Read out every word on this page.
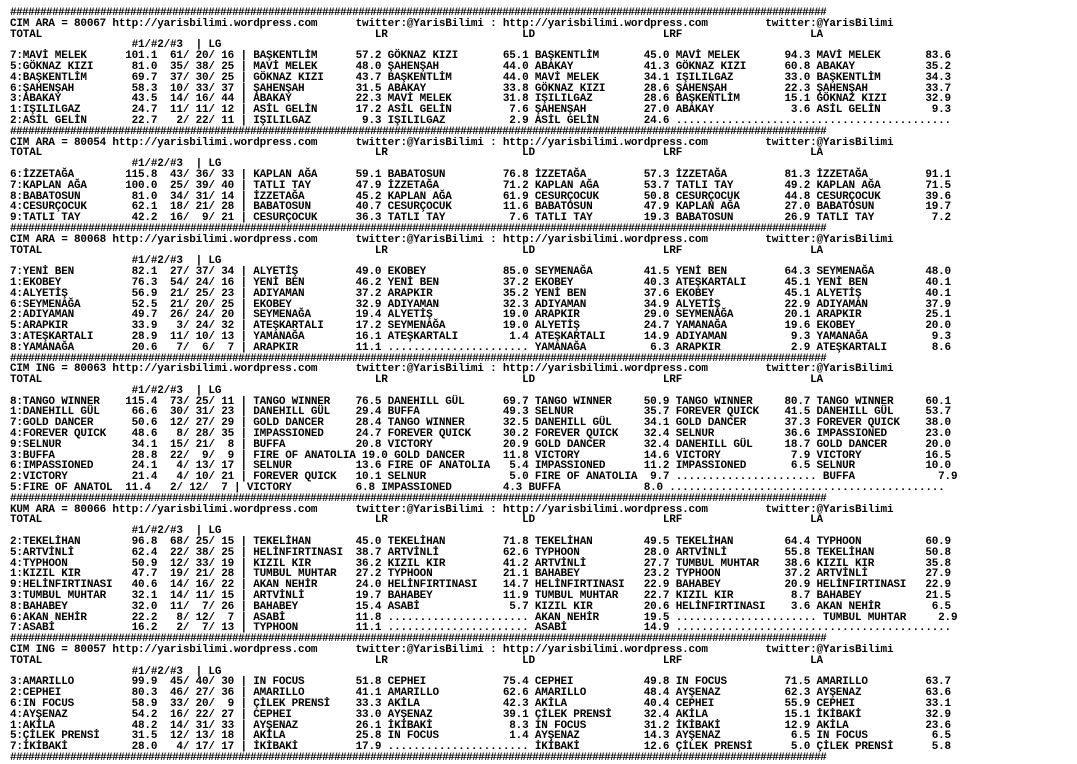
########################################################################################################################################
CIM ARA = 80067 http://yarisbilimi.wordpress.com      twitter:@YarisBilimi : http://yarisbilimi.wordpress.com         twitter:@YarisBilimi
TOTAL                                                    LR                     LD                    LRF                    LA
#1/#2/#3  | LG
7:MAVİ MELEK      101.1  61/ 20/ 16 | BAŞKENTLİM      57.2 GÖKNAZ KIZI       65.1 BAŞKENTLİM       45.0 MAVİ MELEK       94.3 MAVİ MELEK       83.6
5:GÖKNAZ KIZI      81.0  35/ 38/ 25 | MAVİ MELEK      48.0 ŞAHENŞAH          44.0 ABAKAY           41.3 GÖKNAZ KIZI      60.8 ABAKAY           35.2
4:BAŞKENTLİM       69.7  37/ 30/ 25 | GÖKNAZ KIZI     43.7 BAŞKENTLİM        44.0 MAVİ MELEK       34.1 IŞILILGAZ        33.0 BAŞKENTLİM       34.3
6:ŞAHENŞAH         58.3  10/ 33/ 37 | ŞAHENŞAH        31.5 ABAKAY            33.8 GÖKNAZ KIZI      28.6 ŞAHENŞAH         22.3 ŞAHENŞAH         33.7
3:ABAKAY           43.5  14/ 16/ 44 | ABAKAY          22.3 MAVİ MELEK        31.8 IŞILILGAZ        28.6 BAŞKENTLİM       15.1 GÖKNAZ KIZI      32.9
1:IŞILILGAZ        24.7  11/ 11/ 12 | ASİL GELİN      17.2 ASİL GELİN         7.6 ŞAHENŞAH         27.0 ABAKAY            3.6 ASİL GELİN        9.3
2:ASİL GELİN       22.7   2/ 22/ 11 | IŞILILGAZ        9.3 IŞILILGAZ          2.9 ASİL GELİN       24.6 ...........................................
########################################################################################################################################
CIM ARA = 80054 http://yarisbilimi.wordpress.com      twitter:@YarisBilimi : http://yarisbilimi.wordpress.com         twitter:@YarisBilimi
TOTAL                                                    LR                     LD                    LRF                    LA
#1/#2/#3  | LG
6:İZZETAĞA        115.8  43/ 36/ 33 | KAPLAN AĞA      59.1 BABATOSUN         76.8 İZZETAĞA         57.3 İZZETAĞA         81.3 İZZETAĞA         91.1
7:KAPLAN AĞA      100.0  25/ 39/ 40 | TATLI TAY       47.9 İZZETAĞA          71.2 KAPLAN AĞA       53.7 TATLI TAY        49.2 KAPLAN AĞA       71.5
8:BABATOSUN        81.0  34/ 31/ 14 | İZZETAĞA        45.2 KAPLAN AĞA        61.9 CESURÇOCUK       50.8 CESURÇOCUK       44.8 CESURÇOCUK       39.6
4:CESURÇOCUK       62.1  18/ 21/ 28 | BABATOSUN       40.7 CESURÇOCUK        11.6 BABATOSUN        47.9 KAPLAN AĞA       27.0 BABATOSUN        19.7
9:TATLI TAY        42.2  16/  9/ 21 | CESURÇOCUK      36.3 TATLI TAY          7.6 TATLI TAY        19.3 BABATOSUN        26.9 TATLI TAY         7.2
########################################################################################################################################
CIM ARA = 80068 http://yarisbilimi.wordpress.com      twitter:@YarisBilimi : http://yarisbilimi.wordpress.com         twitter:@YarisBilimi
TOTAL                                                    LR                     LD                    LRF                    LA
#1/#2/#3  | LG
7:YENİ BEN         82.1  27/ 37/ 34 | ALYETİŞ         49.0 EKOBEY            85.0 SEYMENAĞA        41.5 YENİ BEN         64.3 SEYMENAĞA        48.0
1:EKOBEY           76.3  54/ 24/ 16 | YENİ BEN        46.2 YENİ BEN          37.2 EKOBEY           40.3 ATEŞKARTALI      45.1 YENİ BEN         40.1
4:ALYETİŞ          56.9  21/ 25/ 23 | ADIYAMAN        37.2 ARAPKIR           35.2 YENİ BEN         37.6 EKOBEY           45.1 ALYETİŞ          40.1
6:SEYMENAĞA        52.5  21/ 20/ 25 | EKOBEY          32.9 ADIYAMAN          32.3 ADIYAMAN         34.9 ALYETİŞ          22.9 ADIYAMAN         37.9
2:ADIYAMAN         49.7  26/ 24/ 20 | SEYMENAĞA       19.4 ALYETİŞ           19.0 ARAPKIR          29.0 SEYMENAĞA        20.1 ARAPKIR          25.1
5:ARAPKIR          33.9   3/ 24/ 32 | ATEŞKARTALI     17.2 SEYMENAĞA         19.0 ALYETİŞ          24.7 YAMANAĞA         19.6 EKOBEY           20.0
3:ATEŞKARTALI      28.9  11/ 10/ 13 | YAMANAĞA        16.1 ATEŞKARTALI        1.4 ATEŞKARTALI      14.9 ADIYAMAN          9.3 YAMANAĞA          9.3
8:YAMANAĞA         20.6   7/  6/  7 | ARAPKIR         11.1 ...................... YAMANAĞA          6.3 ARAPKIR           2.9 ATEŞKARTALI       8.6
########################################################################################################################################
CIM ING = 80063 http://yarisbilimi.wordpress.com      twitter:@YarisBilimi : http://yarisbilimi.wordpress.com         twitter:@YarisBilimi
TOTAL                                                    LR                     LD                    LRF                    LA
#1/#2/#3  | LG
8:TANGO WINNER    115.4  73/ 25/ 11 | TANGO WINNER    76.5 DANEHILL GÜL      69.7 TANGO WINNER     50.9 TANGO WINNER     80.7 TANGO WINNER     60.1
1:DANEHILL GÜL     66.6  30/ 31/ 23 | DANEHILL GÜL    29.4 BUFFA             49.3 SELNUR           35.7 FOREVER QUICK    41.5 DANEHILL GÜL     53.7
7:GOLD DANCER      50.6  12/ 27/ 29 | GOLD DANCER     28.4 TANGO WINNER      32.5 DANEHILL GÜL     34.1 GOLD DANCER      37.3 FOREVER QUICK    38.0
4:FOREVER QUICK    48.6   8/ 28/ 35 | IMPASSIONED     24.7 FOREVER QUICK     30.2 FOREVER QUICK    32.4 SELNUR           36.6 IMPASSIONED      23.0
9:SELNUR           34.1  15/ 21/  8 | BUFFA           20.8 VICTORY           20.9 GOLD DANCER      32.4 DANEHILL GÜL     18.7 GOLD DANCER      20.0
3:BUFFA            28.8  22/  9/  9 | FIRE OF ANATOLIA 19.0 GOLD DANCER      11.8 VICTORY          14.6 VICTORY           7.9 VICTORY          16.5
6:IMPASSIONED      24.1   4/ 13/ 17 | SELNUR          13.6 FIRE OF ANATOLIA   5.4 IMPASSIONED      11.2 IMPASSIONED       6.5 SELNUR           10.0
2:VICTORY          21.4   4/ 10/ 21 | FOREVER QUICK   10.1 SELNUR             5.0 FIRE OF ANATOLIA  9.7 ...................... BUFFA             7.9
5:FIRE OF ANATOL  11.4   2/ 12/  7 | VICTORY          6.8 IMPASSIONED        4.3 BUFFA             8.0 ...........................................
########################################################################################################################################
KUM ARA = 80066 http://yarisbilimi.wordpress.com      twitter:@YarisBilimi : http://yarisbilimi.wordpress.com         twitter:@YarisBilimi
TOTAL                                                    LR                     LD                    LRF                    LA
#1/#2/#3  | LG
2:TEKELİHAN        96.8  68/ 25/ 15 | TEKELİHAN       45.0 TEKELİHAN         71.8 TEKELİHAN        49.5 TEKELİHAN        64.4 TYPHOON          60.9
5:ARTVİNLİ         62.4  22/ 38/ 25 | HELİNFIRTINASI  38.7 ARTVİNLİ          62.6 TYPHOON          28.0 ARTVİNLİ         55.8 TEKELİHAN        50.8
4:TYPHOON          50.9  12/ 33/ 19 | KIZIL KIR       36.2 KIZIL KIR         41.2 ARTVİNLİ         27.7 TUMBUL MUHTAR    38.6 KIZIL KIR        35.8
1:KIZIL KIR        47.7  19/ 21/ 28 | TUMBUL MUHTAR   27.2 TYPHOON           21.1 BAHABEY          23.2 TYPHOON          37.2 ARTVİNLİ         27.9
9:HELİNFIRTINASI   40.6  14/ 16/ 22 | AKAN NEHİR      24.0 HELİNFIRTINASI    14.7 HELİNFIRTINASI   22.9 BAHABEY          20.9 HELİNFIRTINASI   22.9
3:TUMBUL MUHTAR    32.1  14/ 11/ 15 | ARTVİNLİ        19.7 BAHABEY           11.9 TUMBUL MUHTAR    22.7 KIZIL KIR         8.7 BAHABEY          21.5
8:BAHABEY          32.0  11/  7/ 26 | BAHABEY         15.4 ASABİ              5.7 KIZIL KIR        20.6 HELİNFIRTINASI    3.6 AKAN NEHİR        6.5
6:AKAN NEHİR       22.2   8/ 12/  7 | ASABİ           11.8 ...................... AKAN NEHİR       19.5 ...................... TUMBUL MUHTAR     2.9
7:ASABİ            16.2   2/  7/ 13 | TYPHOON         11.1 ...................... ASABİ            14.9 ...........................................
########################################################################################################################################
CIM ING = 80057 http://yarisbilimi.wordpress.com      twitter:@YarisBilimi : http://yarisbilimi.wordpress.com         twitter:@YarisBilimi
TOTAL                                                    LR                     LD                    LRF                    LA
#1/#2/#3  | LG
3:AMARILLO         99.9  45/ 40/ 30 | IN FOCUS        51.8 CEPHEI            75.4 CEPHEI           49.8 IN FOCUS         71.5 AMARILLO         63.7
2:CEPHEI           80.3  46/ 27/ 36 | AMARILLO        41.1 AMARILLO          62.6 AMARILLO         48.4 AYŞENAZ          62.3 AYŞENAZ          63.6
6:IN FOCUS         58.9  33/ 20/  9 | ÇİLEK PRENSİ    33.3 AKİLA             42.3 AKİLA            40.4 CEPHEI           55.9 CEPHEI           33.1
4:AYŞENAZ          54.2  16/ 22/ 27 | CEPHEI          33.0 AYŞENAZ           39.1 ÇİLEK PRENSİ     32.4 AKİLA            15.1 İKİBAKİ          32.9
1:AKİLA            48.2  14/ 31/ 33 | AYŞENAZ         26.1 İKİBAKİ            8.3 IN FOCUS         31.2 İKİBAKİ          12.9 AKİLA            23.6
5:ÇİLEK PRENSİ     31.5  12/ 13/ 18 | AKİLA           25.8 IN FOCUS           1.4 AYŞENAZ          14.3 AYŞENAZ           6.5 IN FOCUS          6.5
7:İKİBAKİ          28.0   4/ 17/ 17 | İKİBAKİ         17.9 ...................... İKİBAKİ          12.6 ÇİLEK PRENSİ      5.0 ÇİLEK PRENSİ      5.8
########################################################################################################################################
